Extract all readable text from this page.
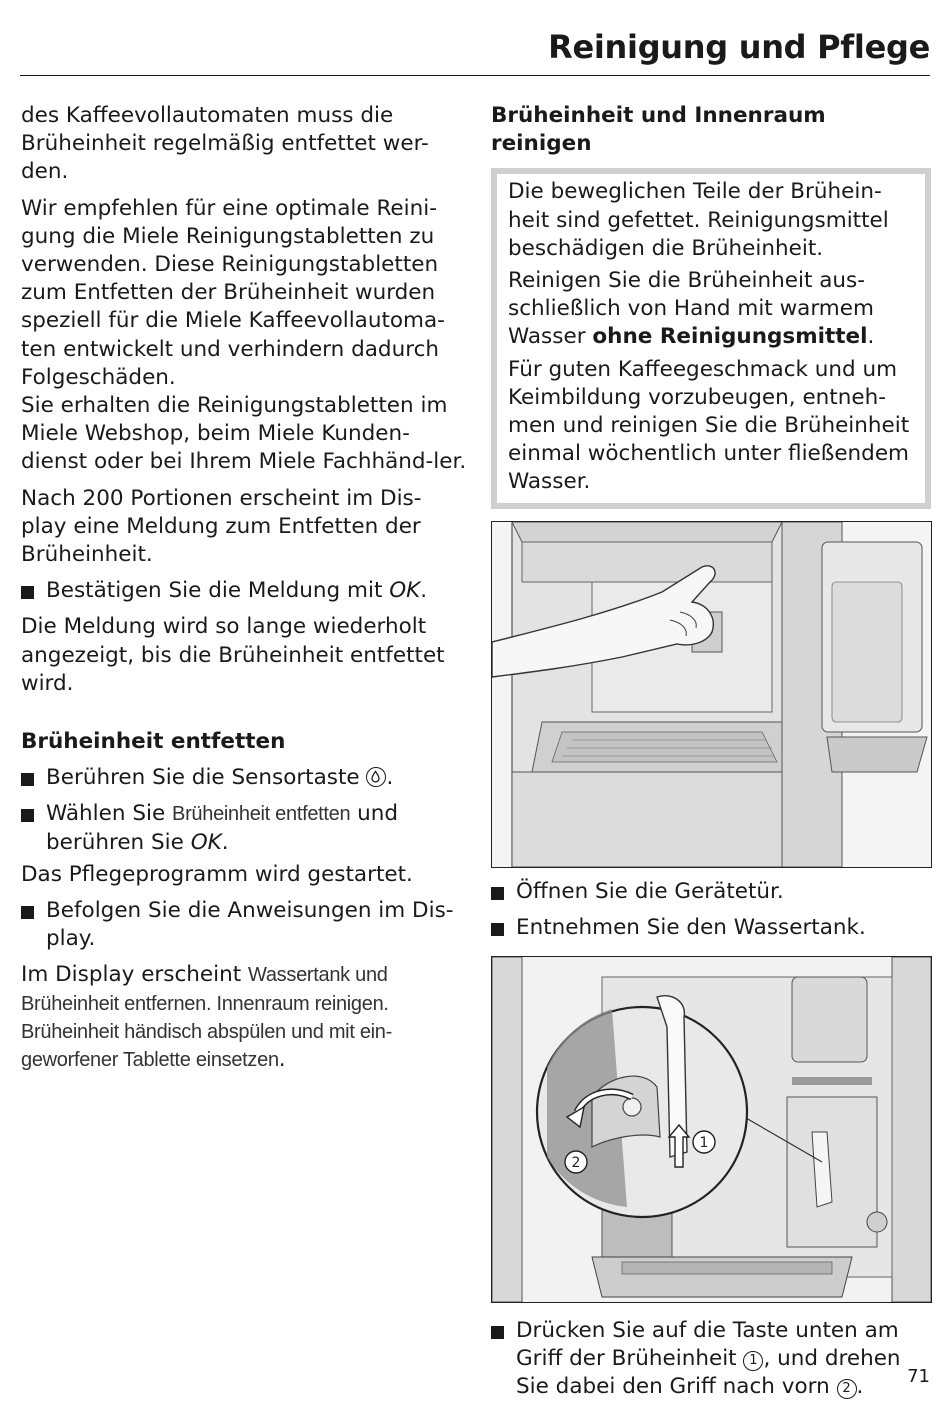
Reinigung und Pflege

des Kaffeevollautomaten muss die Brüheinheit regelmäßig entfettet wer-den.

Wir empfehlen für eine optimale Reini-gung die Miele Reinigungstabletten zu verwenden. Diese Reinigungstabletten zum Entfetten der Brüheinheit wurden speziell für die Miele Kaffeevollautoma-ten entwickelt und verhindern dadurch Folgeschäden.

Sie erhalten die Reinigungstabletten im Miele Webshop, beim Miele Kunden-dienst oder bei Ihrem Miele Fachhänd-ler.

Nach 200 Portionen erscheint im Dis-play eine Meldung zum Entfetten der Brüheinheit.

Bestätigen Sie die Meldung mit OK.

Die Meldung wird so lange wiederholt angezeigt, bis die Brüheinheit entfettet wird.

Brüheinheit entfetten
Berühren Sie die Sensortaste
.
Wählen Sie Brüheinheit entfetten und berühren Sie OK.

Das Pflegeprogramm wird gestartet.

Befolgen Sie die Anweisungen im Dis-play.

Im Display erscheint Wassertank und Brüheinheit entfernen. Innenraum reinigen. Brüheinheit händisch abspülen und mit ein-geworfener Tablette einsetzen.

Brüheinheit und Innenraum reinigen

Die beweglichen Teile der Brühein-heit sind gefettet. Reinigungsmittel beschädigen die Brüheinheit.

Reinigen Sie die Brüheinheit aus-schließlich von Hand mit warmem Wasser ohne Reinigungsmittel.

Für guten Kaffeegeschmack und um Keimbildung vorzubeugen, entneh-men und reinigen Sie die Brüheinheit einmal wöchentlich unter fließendem Wasser.

Öffnen Sie die Gerätetür.
Entnehmen Sie den Wassertank.
1
2
Drücken Sie auf die Taste unten am Griff der Brüheinheit 1 , und drehen Sie dabei den Griff nach vorn 2 .	71
